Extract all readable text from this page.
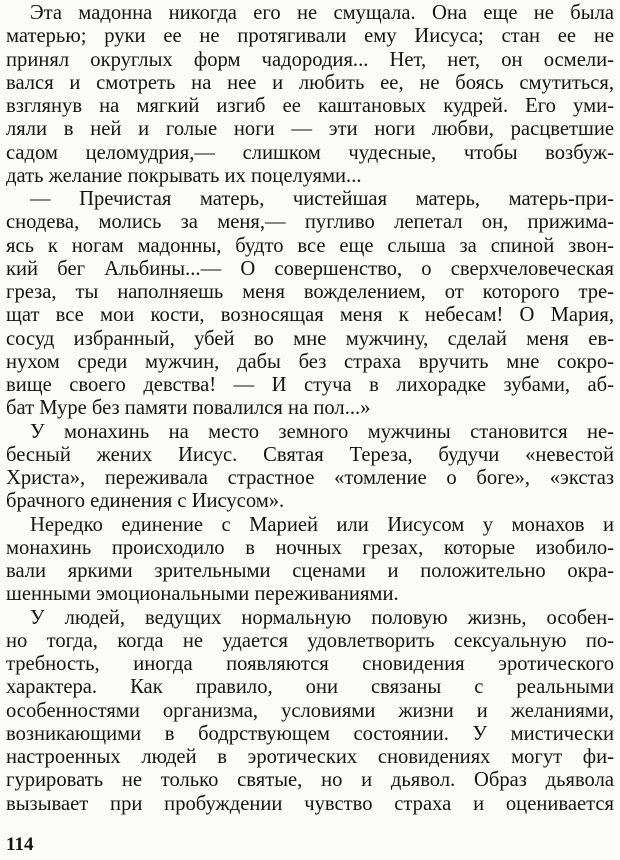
Эта мадонна никогда его не смущала. Она еще не была
матерью; руки ее не протягивали ему Иисуса; стан ее не
принял округлых форм чадородия... Нет, нет, он осмели-
вался и смотреть на нее и любить ее, не боясь смутиться,
взглянув на мягкий изгиб ее каштановых кудрей. Его уми-
ляли в ней и голые ноги — эти ноги любви, расцветшие
садом целомудрия,— слишком чудесные, чтобы возбуж-
дать желание покрывать их поцелуями...
— Пречистая матерь, чистейшая матерь, матерь-при-
снодева, молись за меня,— пугливо лепетал он, прижима-
ясь к ногам мадонны, будто все еще слыша за спиной звон-
кий бег Альбины...— О совершенство, о сверхчеловеческая
греза, ты наполняешь меня вожделением, от которого тре-
щат все мои кости, возносящая меня к небесам! О Мария,
сосуд избранный, убей во мне мужчину, сделай меня ев-
нухом среди мужчин, дабы без страха вручить мне сокро-
вище своего девства! — И стуча в лихорадке зубами, аб-
бат Муре без памяти повалился на пол...»
У монахинь на место земного мужчины становится не-
бесный жених Иисус. Святая Тереза, будучи «невестой
Христа», переживала страстное «томление о боге», «экстаз
брачного единения с Иисусом».
Нередко единение с Марией или Иисусом у монахов и
монахинь происходило в ночных грезах, которые изобило-
вали яркими зрительными сценами и положительно окра-
шенными эмоциональными переживаниями.
У людей, ведущих нормальную половую жизнь, особен-
но тогда, когда не удается удовлетворить сексуальную по-
требность, иногда появляются сновидения эротического
характера. Как правило, они связаны с реальными
особенностями организма, условиями жизни и желаниями,
возникающими в бодрствующем состоянии. У мистически
настроенных людей в эротических сновидениях могут фи-
гурировать не только святые, но и дьявол. Образ дьявола
вызывает при пробуждении чувство страха и оценивается
114
